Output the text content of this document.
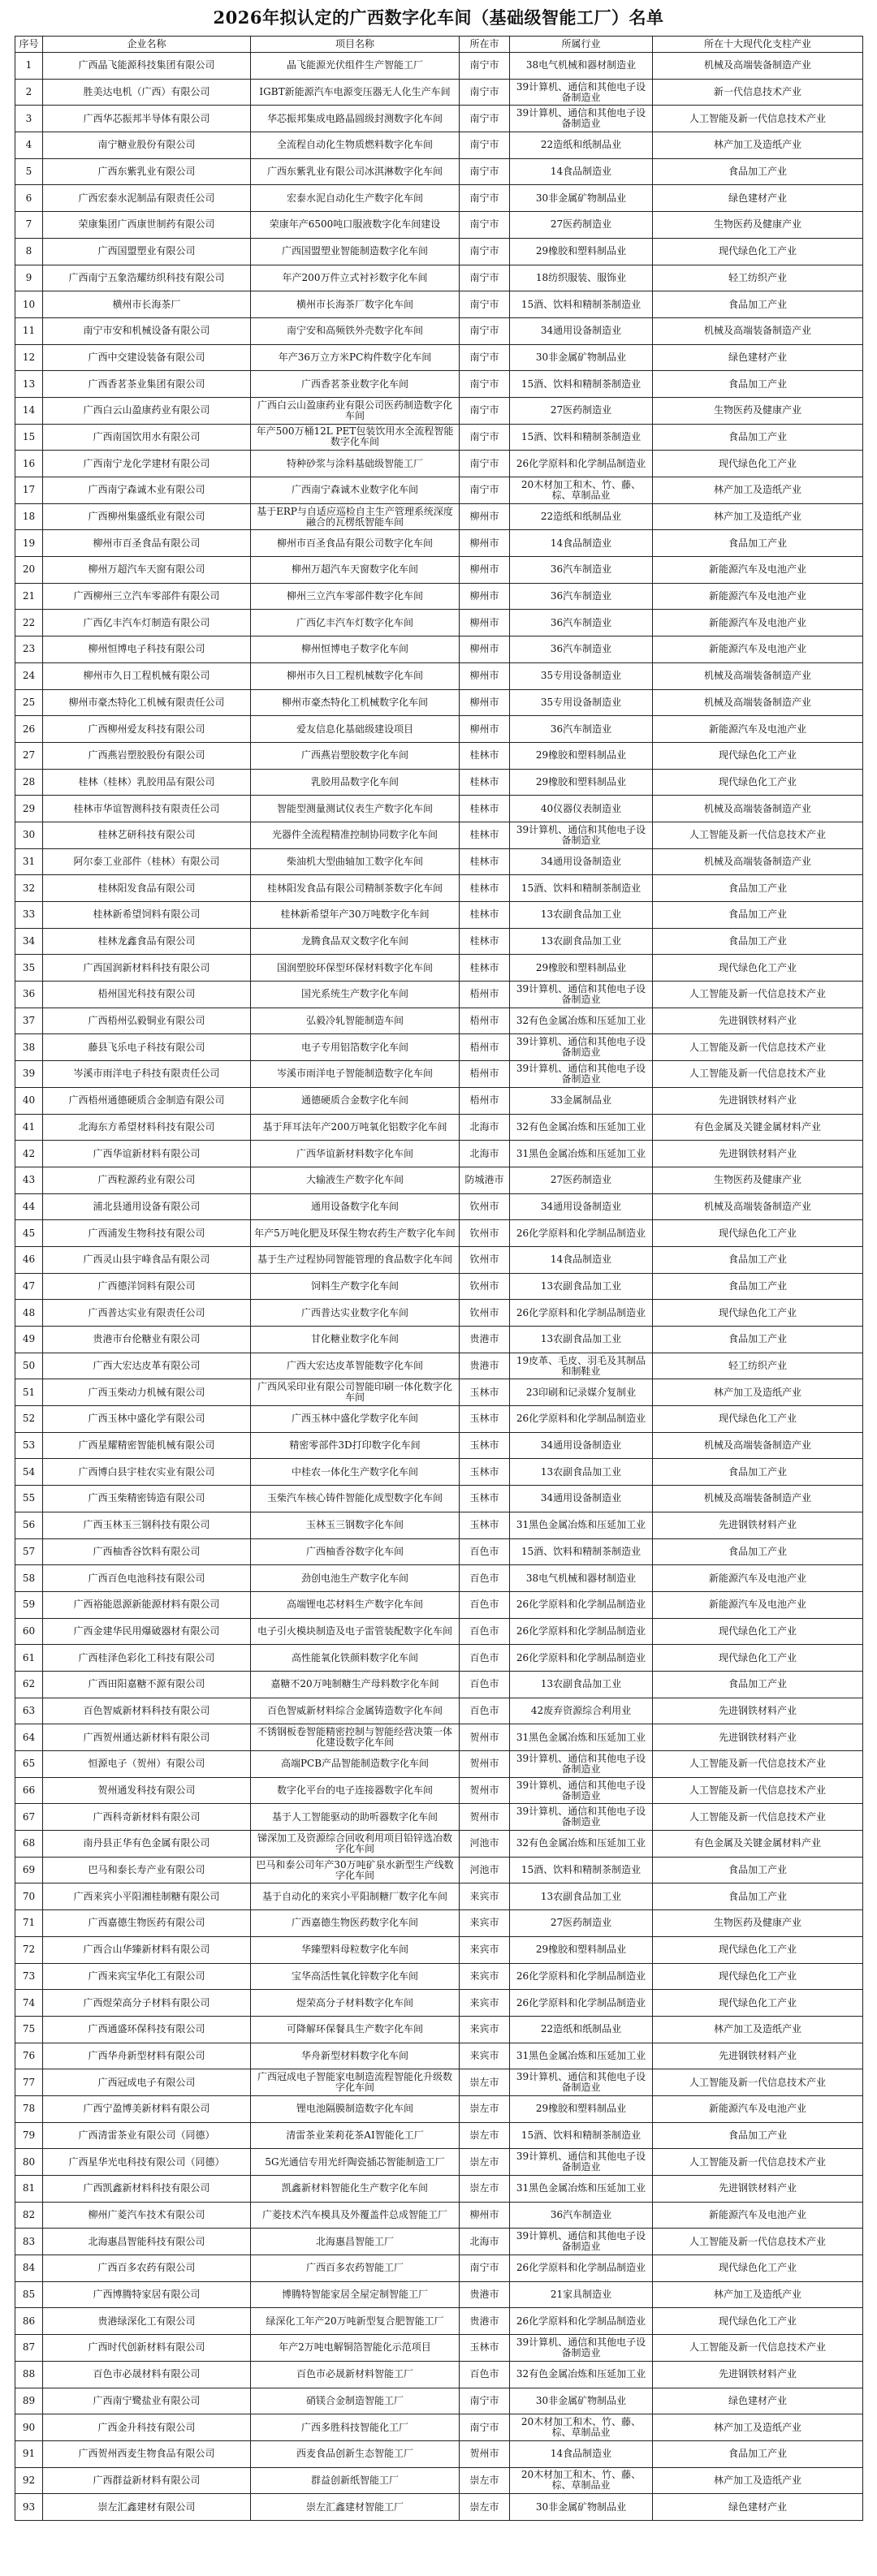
2026年拟认定的广西数字化车间（基础级智能工厂）名单
序号	企业名称	项目名称	所在市	所属行业	所在十大现代化支柱产业
1	广西晶飞能源科技集团有限公司	晶飞能源光伏组件生产智能工厂	南宁市	38电气机械和器材制造业	机械及高端装备制造产业
2	胜美达电机（广西）有限公司	IGBT新能源汽车电源变压器无人化生产车间	南宁市	39计算机、通信和其他电子设备制造业	新一代信息技术产业
3	广西华芯振邦半导体有限公司	华芯振邦集成电路晶圆级封测数字化车间	南宁市	39计算机、通信和其他电子设备制造业	人工智能及新一代信息技术产业
4	南宁糖业股份有限公司	全流程自动化生物质燃料数字化车间	南宁市	22造纸和纸制品业	林产加工及造纸产业
5	广西东紫乳业有限公司	广西东紫乳业有限公司冰淇淋数字化车间	南宁市	14食品制造业	食品加工产业
6	广西宏泰水泥制品有限责任公司	宏泰水泥自动化生产数字化车间	南宁市	30非金属矿物制品业	绿色建材产业
7	荣康集团广西康世制药有限公司	荣康年产6500吨口服液数字化车间建设	南宁市	27医药制造业	生物医药及健康产业
8	广西国盟塑业有限公司	广西国盟塑业智能制造数字化车间	南宁市	29橡胶和塑料制品业	现代绿色化工产业
9	广西南宁五象浩耀纺织科技有限公司	年产200万件立式衬衫数字化车间	南宁市	18纺织服装、服饰业	轻工纺织产业
10	横州市长海茶厂	横州市长海茶厂数字化车间	南宁市	15酒、饮料和精制茶制造业	食品加工产业
11	南宁市安和机械设备有限公司	南宁安和高频铁外壳数字化车间	南宁市	34通用设备制造业	机械及高端装备制造产业
12	广西中交建设装备有限公司	年产36万立方米PC构件数字化车间	南宁市	30非金属矿物制品业	绿色建材产业
13	广西香茗茶业集团有限公司	广西香茗茶业数字化车间	南宁市	15酒、饮料和精制茶制造业	食品加工产业
14	广西白云山盈康药业有限公司	广西白云山盈康药业有限公司医药制造数字化车间	南宁市	27医药制造业	生物医药及健康产业
15	广西南国饮用水有限公司	年产500万桶12L PET包装饮用水全流程智能数字化车间	南宁市	15酒、饮料和精制茶制造业	食品加工产业
16	广西南宁龙化学建材有限公司	特种砂浆与涂料基础级智能工厂	南宁市	26化学原料和化学制品制造业	现代绿色化工产业
17	广西南宁森诚木业有限公司	广西南宁森诚木业数字化车间	南宁市	20木材加工和木、竹、藤、棕、草制品业	林产加工及造纸产业
18	广西柳州集盛纸业有限公司	基于ERP与自适应巡检自主生产管理系统深度融合的瓦楞纸智能车间	柳州市	22造纸和纸制品业	林产加工及造纸产业
19	柳州市百圣食品有限公司	柳州市百圣食品有限公司数字化车间	柳州市	14食品制造业	食品加工产业
20	柳州万超汽车天窗有限公司	柳州万超汽车天窗数字化车间	柳州市	36汽车制造业	新能源汽车及电池产业
21	广西柳州三立汽车零部件有限公司	柳州三立汽车零部件数字化车间	柳州市	36汽车制造业	新能源汽车及电池产业
22	广西亿丰汽车灯制造有限公司	广西亿丰汽车灯数字化车间	柳州市	36汽车制造业	新能源汽车及电池产业
23	柳州恒博电子科技有限公司	柳州恒博电子数字化车间	柳州市	36汽车制造业	新能源汽车及电池产业
24	柳州市久日工程机械有限公司	柳州市久日工程机械数字化车间	柳州市	35专用设备制造业	机械及高端装备制造产业
25	柳州市豪杰特化工机械有限责任公司	柳州市豪杰特化工机械数字化车间	柳州市	35专用设备制造业	机械及高端装备制造产业
26	广西柳州爱友科技有限公司	爱友信息化基础级建设项目	柳州市	36汽车制造业	新能源汽车及电池产业
27	广西燕岩塑胶股份有限公司	广西燕岩塑胶数字化车间	桂林市	29橡胶和塑料制品业	现代绿色化工产业
28	桂林（桂林）乳胶用品有限公司	乳胶用品数字化车间	桂林市	29橡胶和塑料制品业	现代绿色化工产业
29	桂林市华谊智测科技有限责任公司	智能型测量测试仪表生产数字化车间	桂林市	40仪器仪表制造业	机械及高端装备制造产业
30	桂林艺研科技有限公司	光器件全流程精准控制协同数字化车间	桂林市	39计算机、通信和其他电子设备制造业	人工智能及新一代信息技术产业
31	阿尔泰工业部件（桂林）有限公司	柴油机大型曲轴加工数字化车间	桂林市	34通用设备制造业	机械及高端装备制造产业
32	桂林阳发食品有限公司	桂林阳发食品有限公司精制茶数字化车间	桂林市	15酒、饮料和精制茶制造业	食品加工产业
33	桂林新希望饲料有限公司	桂林新希望年产30万吨数字化车间	桂林市	13农副食品加工业	食品加工产业
34	桂林龙鑫食品有限公司	龙腾食品双文数字化车间	桂林市	13农副食品加工业	食品加工产业
35	广西国润新材料科技有限公司	国润塑胶环保型环保材料数字化车间	桂林市	29橡胶和塑料制品业	现代绿色化工产业
36	梧州国光科技有限公司	国光系统生产数字化车间	梧州市	39计算机、通信和其他电子设备制造业	人工智能及新一代信息技术产业
37	广西梧州弘毅铜业有限公司	弘毅冷轧智能制造车间	梧州市	32有色金属冶炼和压延加工业	先进钢铁材料产业
38	藤县飞乐电子科技有限公司	电子专用铝箔数字化车间	梧州市	39计算机、通信和其他电子设备制造业	人工智能及新一代信息技术产业
39	岑溪市雨洋电子科技有限责任公司	岑溪市雨洋电子智能制造数字化车间	梧州市	39计算机、通信和其他电子设备制造业	人工智能及新一代信息技术产业
40	广西梧州通德硬质合金制造有限公司	通德硬质合金数字化车间	梧州市	33金属制品业	先进钢铁材料产业
41	北海东方希望材料科技有限公司	基于拜耳法年产200万吨氧化铝数字化车间	北海市	32有色金属冶炼和压延加工业	有色金属及关键金属材料产业
42	广西华谊新材料有限公司	广西华谊新材料数字化车间	北海市	31黑色金属冶炼和压延加工业	先进钢铁材料产业
43	广西粒源药业有限公司	大输液生产数字化车间	防城港市	27医药制造业	生物医药及健康产业
44	浦北县通用设备有限公司	通用设备数字化车间	钦州市	34通用设备制造业	机械及高端装备制造产业
45	广西浦发生物科技有限公司	年产5万吨化肥及环保生物农药生产数字化车间	钦州市	26化学原料和化学制品制造业	现代绿色化工产业
46	广西灵山县宇峰食品有限公司	基于生产过程协同智能管理的食品数字化车间	钦州市	14食品制造业	食品加工产业
47	广西德洋饲料有限公司	饲料生产数字化车间	钦州市	13农副食品加工业	食品加工产业
48	广西普达实业有限责任公司	广西普达实业数字化车间	钦州市	26化学原料和化学制品制造业	现代绿色化工产业
49	贵港市台伦糖业有限公司	甘化糖业数字化车间	贵港市	13农副食品加工业	食品加工产业
50	广西大宏达皮革有限公司	广西大宏达皮革智能数字化车间	贵港市	19皮革、毛皮、羽毛及其制品和制鞋业	轻工纺织产业
51	广西玉柴动力机械有限公司	广西风采印业有限公司智能印刷一体化数字化车间	玉林市	23印刷和记录媒介复制业	林产加工及造纸产业
52	广西玉林中盛化学有限公司	广西玉林中盛化学数字化车间	玉林市	26化学原料和化学制品制造业	现代绿色化工产业
53	广西星耀精密智能机械有限公司	精密零部件3D打印数字化车间	玉林市	34通用设备制造业	机械及高端装备制造产业
54	广西博白县宇桂农实业有限公司	中桂农一体化生产数字化车间	玉林市	13农副食品加工业	食品加工产业
55	广西玉柴精密铸造有限公司	玉柴汽车核心铸件智能化成型数字化车间	玉林市	34通用设备制造业	机械及高端装备制造产业
56	广西玉林玉三钢科技有限公司	玉林玉三钢数字化车间	玉林市	31黑色金属冶炼和压延加工业	先进钢铁材料产业
57	广西柚香谷饮料有限公司	广西柚香谷数字化车间	百色市	15酒、饮料和精制茶制造业	食品加工产业
58	广西百色电池科技有限公司	劲创电池生产数字化车间	百色市	38电气机械和器材制造业	新能源汽车及电池产业
59	广西裕能恩源新能源材料有限公司	高端锂电芯材料生产数字化车间	百色市	26化学原料和化学制品制造业	新能源汽车及电池产业
60	广西金建华民用爆破器材有限公司	电子引火模块制造及电子雷管装配数字化车间	百色市	26化学原料和化学制品制造业	现代绿色化工产业
61	广西桂泽色彩化工科技有限公司	高性能氧化铁颜料数字化车间	百色市	26化学原料和化学制品制造业	现代绿色化工产业
62	广西田阳嘉糖不源有限公司	嘉糖不20万吨制糖生产母料数字化车间	百色市	13农副食品加工业	食品加工产业
63	百色智威新材料科技有限公司	百色智威新材料综合金属铸造数字化车间	百色市	42废弃资源综合利用业	先进钢铁材料产业
64	广西贺州通达新材料有限公司	不锈钢板卷智能精密控制与智能经营决策一体化建设数字化车间	贺州市	31黑色金属冶炼和压延加工业	先进钢铁材料产业
65	恒源电子（贺州）有限公司	高端PCB产品智能制造数字化车间	贺州市	39计算机、通信和其他电子设备制造业	人工智能及新一代信息技术产业
66	贺州通发科技有限公司	数字化平台的电子连接器数字化车间	贺州市	39计算机、通信和其他电子设备制造业	人工智能及新一代信息技术产业
67	广西科奇新材料有限公司	基于人工智能驱动的助听器数字化车间	贺州市	39计算机、通信和其他电子设备制造业	人工智能及新一代信息技术产业
68	南丹县正华有色金属有限公司	锑深加工及资源综合回收利用项目铅锌选冶数字化车间	河池市	32有色金属冶炼和压延加工业	有色金属及关键金属材料产业
69	巴马和泰长寿产业有限公司	巴马和泰公司年产30万吨矿泉水新型生产线数字化车间	河池市	15酒、饮料和精制茶制造业	食品加工产业
70	广西来宾小平阳湘桂制糖有限公司	基于自动化的来宾小平阳制糖厂数字化车间	来宾市	13农副食品加工业	食品加工产业
71	广西嘉德生物医药有限公司	广西嘉德生物医药数字化车间	来宾市	27医药制造业	生物医药及健康产业
72	广西合山华臻新材料有限公司	华臻塑料母粒数字化车间	来宾市	29橡胶和塑料制品业	现代绿色化工产业
73	广西来宾宝华化工有限公司	宝华高活性氧化锌数字化车间	来宾市	26化学原料和化学制品制造业	现代绿色化工产业
74	广西煜荣高分子材料有限公司	煜荣高分子材料数字化车间	来宾市	26化学原料和化学制品制造业	现代绿色化工产业
75	广西通盛环保科技有限公司	可降解环保餐具生产数字化车间	来宾市	22造纸和纸制品业	林产加工及造纸产业
76	广西华舟新型材料有限公司	华舟新型材料数字化车间	来宾市	31黑色金属冶炼和压延加工业	先进钢铁材料产业
77	广西冠成电子有限公司	广西冠成电子智能家电制造流程智能化升级数字化车间	崇左市	39计算机、通信和其他电子设备制造业	人工智能及新一代信息技术产业
78	广西宁盈博美新材料有限公司	锂电池隔膜制造数字化车间	崇左市	29橡胶和塑料制品业	新能源汽车及电池产业
79	广西清雷茶业有限公司（同德）	清雷茶业茉莉花茶AI智能化工厂	崇左市	15酒、饮料和精制茶制造业	食品加工产业
80	广西星华光电科技有限公司（同德）	5G光通信专用光纤陶瓷插芯智能制造工厂	崇左市	39计算机、通信和其他电子设备制造业	人工智能及新一代信息技术产业
81	广西凯鑫新材料科技有限公司	凯鑫新材料智能化生产数字化车间	崇左市	31黑色金属冶炼和压延加工业	先进钢铁材料产业
82	柳州广菱汽车技术有限公司	广菱技术汽车模具及外覆盖件总成智能工厂	柳州市	36汽车制造业	新能源汽车及电池产业
83	北海惠昌智能科技有限公司	北海惠昌智能工厂	北海市	39计算机、通信和其他电子设备制造业	人工智能及新一代信息技术产业
84	广西百多农药有限公司	广西百多农药智能工厂	南宁市	26化学原料和化学制品制造业	现代绿色化工产业
85	广西博腾特家居有限公司	博腾特智能家居全屋定制智能工厂	贵港市	21家具制造业	林产加工及造纸产业
86	贵港绿深化工有限公司	绿深化工年产20万吨新型复合肥智能工厂	贵港市	26化学原料和化学制品制造业	现代绿色化工产业
87	广西时代创新材料有限公司	年产2万吨电解铜箔智能化示范项目	玉林市	39计算机、通信和其他电子设备制造业	人工智能及新一代信息技术产业
88	百色市必晟材料有限公司	百色市必晟新材料智能工厂	百色市	32有色金属冶炼和压延加工业	先进钢铁材料产业
89	广西南宁鹭盐业有限公司	硝镁合金制造智能工厂	南宁市	30非金属矿物制品业	绿色建材产业
90	广西金升科技有限公司	广西多胜科技智能化工厂	南宁市	20木材加工和木、竹、藤、棕、草制品业	林产加工及造纸产业
91	广西贺州西麦生物食品有限公司	西麦食品创新生态智能工厂	贺州市	14食品制造业	食品加工产业
92	广西群益新材料有限公司	群益创新纸智能工厂	崇左市	20木材加工和木、竹、藤、棕、草制品业	林产加工及造纸产业
93	崇左汇鑫建材有限公司	崇左汇鑫建材智能工厂	崇左市	30非金属矿物制品业	绿色建材产业
